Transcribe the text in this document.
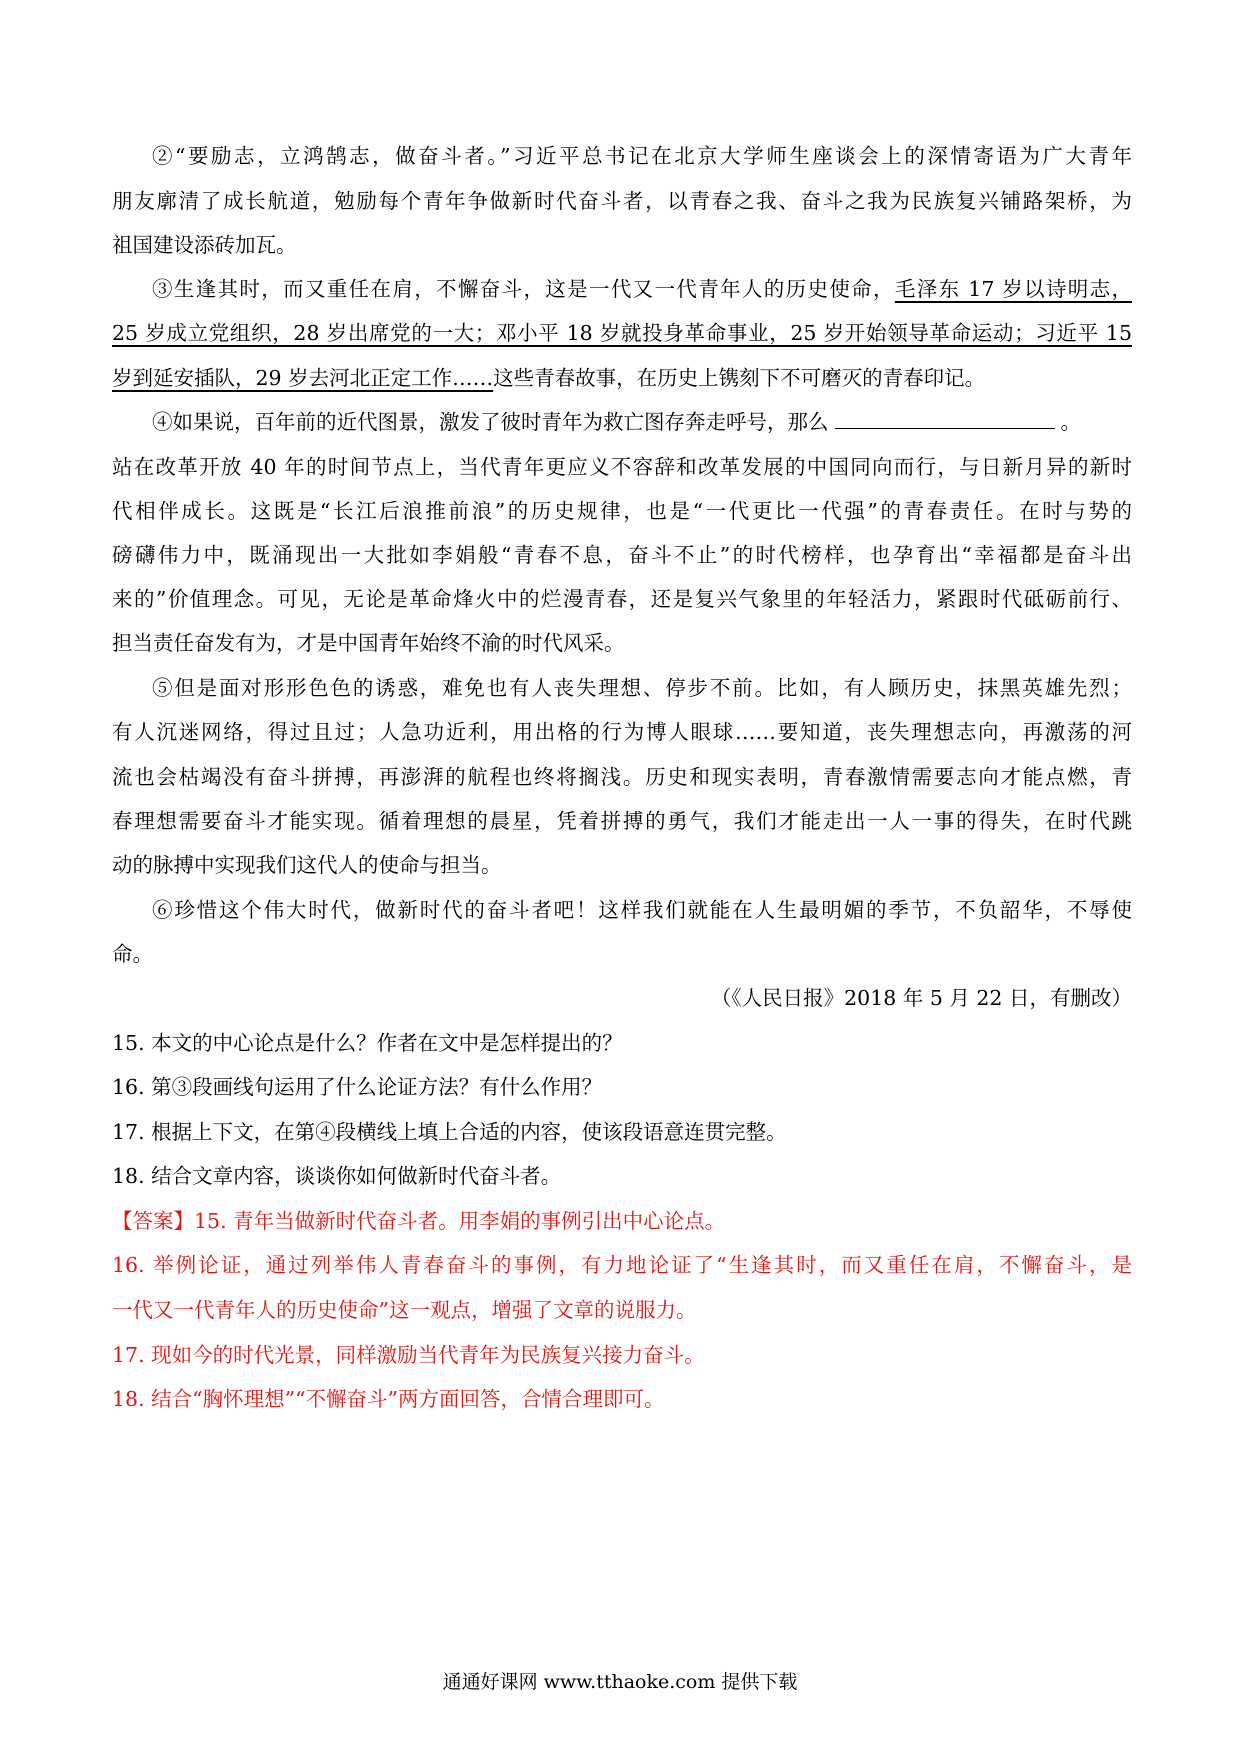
②“要励志，立鸿鹄志，做奋斗者。”习近平总书记在北京大学师生座谈会上的深情寄语为广大青年
朋友廓清了成长航道，勉励每个青年争做新时代奋斗者，以青春之我、奋斗之我为民族复兴铺路架桥，为
祖国建设添砖加瓦。
③生逢其时，而又重任在肩，不懈奋斗，这是一代又一代青年人的历史使命，毛泽东 17 岁以诗明志，
25 岁成立党组织，28 岁出席党的一大；邓小平 18 岁就投身革命事业，25 岁开始领导革命运动；习近平 15
岁到延安插队，29 岁去河北正定工作……这些青春故事，在历史上镌刻下不可磨灭的青春印记。
④如果说，百年前的近代图景，激发了彼时青年为救亡图存奔走呼号，那么	。
站在改革开放 40 年的时间节点上，当代青年更应义不容辞和改革发展的中国同向而行，与日新月异的新时
代相伴成长。这既是“长江后浪推前浪”的历史规律，也是“一代更比一代强”的青春责任。在时与势的
磅礴伟力中，既涌现出一大批如李娟般“青春不息，奋斗不止”的时代榜样，也孕育出“幸福都是奋斗出
来的”价值理念。可见，无论是革命烽火中的烂漫青春，还是复兴气象里的年轻活力，紧跟时代砥砺前行、
担当责任奋发有为，才是中国青年始终不渝的时代风采。
⑤但是面对形形色色的诱惑，难免也有人丧失理想、停步不前。比如，有人顾历史，抹黑英雄先烈；
有人沉迷网络，得过且过；人急功近利，用出格的行为博人眼球……要知道，丧失理想志向，再激荡的河
流也会枯竭没有奋斗拼搏，再澎湃的航程也终将搁浅。历史和现实表明，青春激情需要志向才能点燃，青
春理想需要奋斗才能实现。循着理想的晨星，凭着拼搏的勇气，我们才能走出一人一事的得失，在时代跳
动的脉搏中实现我们这代人的使命与担当。
⑥珍惜这个伟大时代，做新时代的奋斗者吧！这样我们就能在人生最明媚的季节，不负韶华，不辱使
命。
（《人民日报》2018 年 5 月 22 日，有删改）
15. 本文的中心论点是什么？作者在文中是怎样提出的？
16. 第③段画线句运用了什么论证方法？有什么作用？
17. 根据上下文，在第④段横线上填上合适的内容，使该段语意连贯完整。
18. 结合文章内容，谈谈你如何做新时代奋斗者。
【答案】15. 青年当做新时代奋斗者。用李娟的事例引出中心论点。
16. 举例论证，通过列举伟人青春奋斗的事例，有力地论证了“生逢其时，而又重任在肩，不懈奋斗，是
一代又一代青年人的历史使命”这一观点，增强了文章的说服力。
17. 现如今的时代光景，同样激励当代青年为民族复兴接力奋斗。
18. 结合“胸怀理想”“不懈奋斗”两方面回答，合情合理即可。
通通好课网 www.tthaoke.com 提供下载
